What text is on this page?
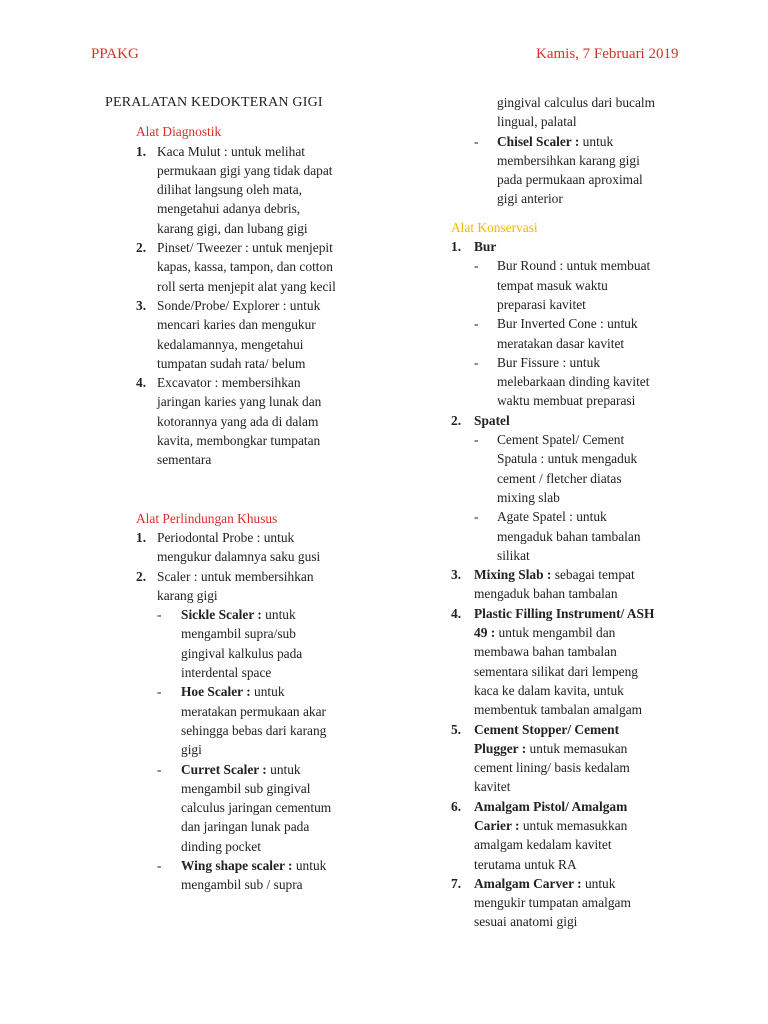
PPAKG	Kamis, 7 Februari 2019
PERALATAN KEDOKTERAN GIGI
Alat Diagnostik
1. Kaca Mulut : untuk melihat
permukaan gigi yang tidak dapat
dilihat langsung oleh mata,
mengetahui adanya debris,
karang gigi, dan lubang gigi
2. Pinset/ Tweezer : untuk menjepit
kapas, kassa, tampon, dan cotton
roll serta menjepit alat yang kecil
3. Sonde/Probe/ Explorer : untuk
mencari karies dan mengukur
kedalamannya, mengetahui
tumpatan sudah rata/ belum
4. Excavator : membersihkan
jaringan karies yang lunak dan
kotorannya yang ada di dalam
kavita, membongkar tumpatan
sementara
Alat Perlindungan Khusus
1. Periodontal Probe : untuk
mengukur dalamnya saku gusi
2. Scaler : untuk membersihkan
karang gigi
- Sickle Scaler : untuk
mengambil supra/sub
gingival kalkulus pada
interdental space
- Hoe Scaler : untuk
meratakan permukaan akar
sehingga bebas dari karang
gigi
- Curret Scaler : untuk
mengambil sub gingival
calculus jaringan cementum
dan jaringan lunak pada
dinding pocket
- Wing shape scaler : untuk
mengambil sub / supra
gingival calculus dari bucalm
lingual, palatal
- Chisel Scaler : untuk
membersihkan karang gigi
pada permukaan aproximal
gigi anterior
Alat Konservasi
1. Bur
- Bur Round : untuk membuat
tempat masuk waktu
preparasi kavitet
- Bur Inverted Cone : untuk
meratakan dasar kavitet
- Bur Fissure : untuk
melebarkaan dinding kavitet
waktu membuat preparasi
2. Spatel
- Cement Spatel/ Cement
Spatula : untuk mengaduk
cement / fletcher diatas
mixing slab
- Agate Spatel : untuk
mengaduk bahan tambalan
silikat
3. Mixing Slab : sebagai tempat
mengaduk bahan tambalan
4. Plastic Filling Instrument/ ASH
49 : untuk mengambil dan
membawa bahan tambalan
sementara silikat dari lempeng
kaca ke dalam kavita, untuk
membentuk tambalan amalgam
5. Cement Stopper/ Cement
Plugger : untuk memasukan
cement lining/ basis kedalam
kavitet
6. Amalgam Pistol/ Amalgam
Carier : untuk memasukkan
amalgam kedalam kavitet
terutama untuk RA
7. Amalgam Carver : untuk
mengukir tumpatan amalgam
sesuai anatomi gigi
